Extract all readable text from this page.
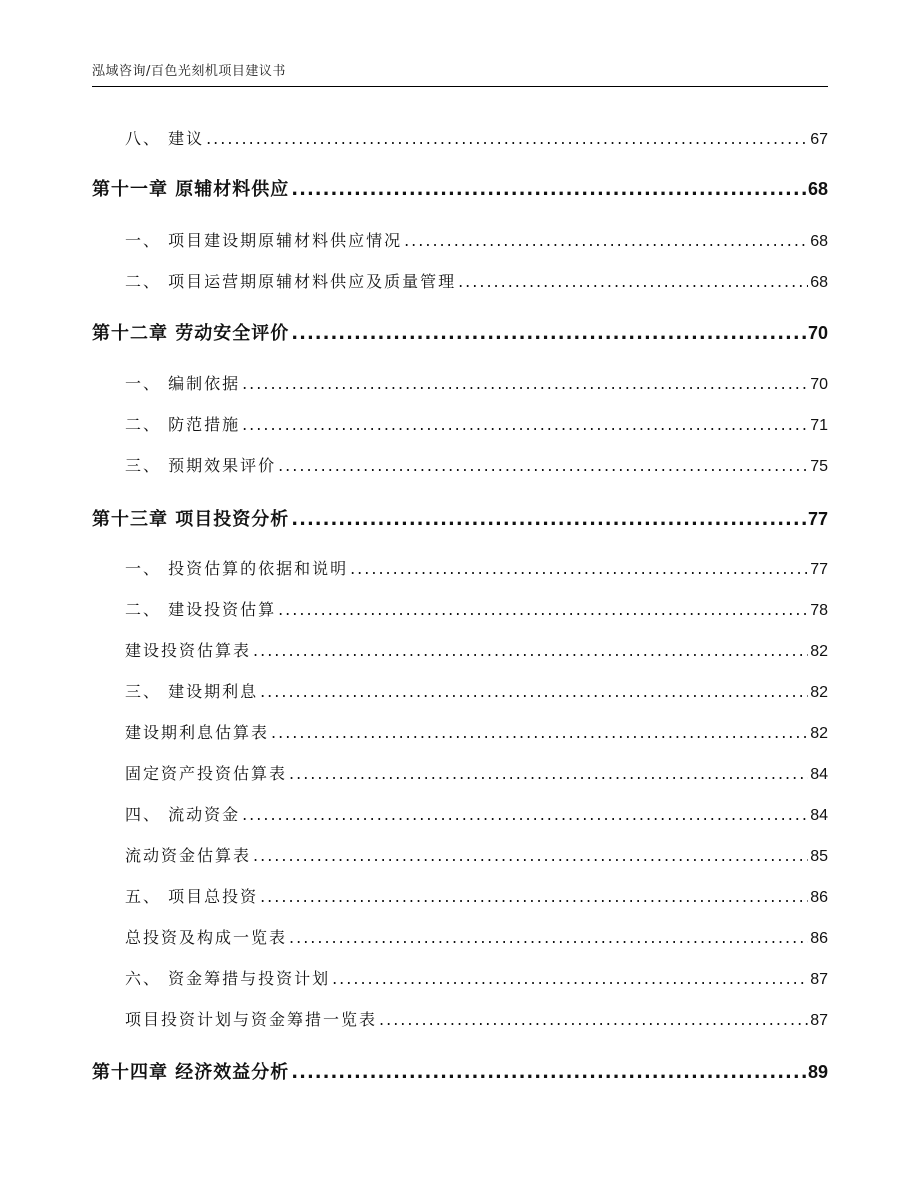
泓域咨询/百色光刻机项目建议书
八、 建议 .....	67
第十一章 原辅材料供应 .....	68
一、 项目建设期原辅材料供应情况 .....	68
二、 项目运营期原辅材料供应及质量管理 .....	68
第十二章 劳动安全评价 .....	70
一、 编制依据 .....	70
二、 防范措施 .....	71
三、 预期效果评价 .....	75
第十三章 项目投资分析 .....	77
一、 投资估算的依据和说明 .....	77
二、 建设投资估算 .....	78
建设投资估算表 .....	82
三、 建设期利息 .....	82
建设期利息估算表 .....	82
固定资产投资估算表 .....	84
四、 流动资金 .....	84
流动资金估算表 .....	85
五、 项目总投资 .....	86
总投资及构成一览表 .....	86
六、 资金筹措与投资计划 .....	87
项目投资计划与资金筹措一览表 .....	87
第十四章 经济效益分析 .....	89
